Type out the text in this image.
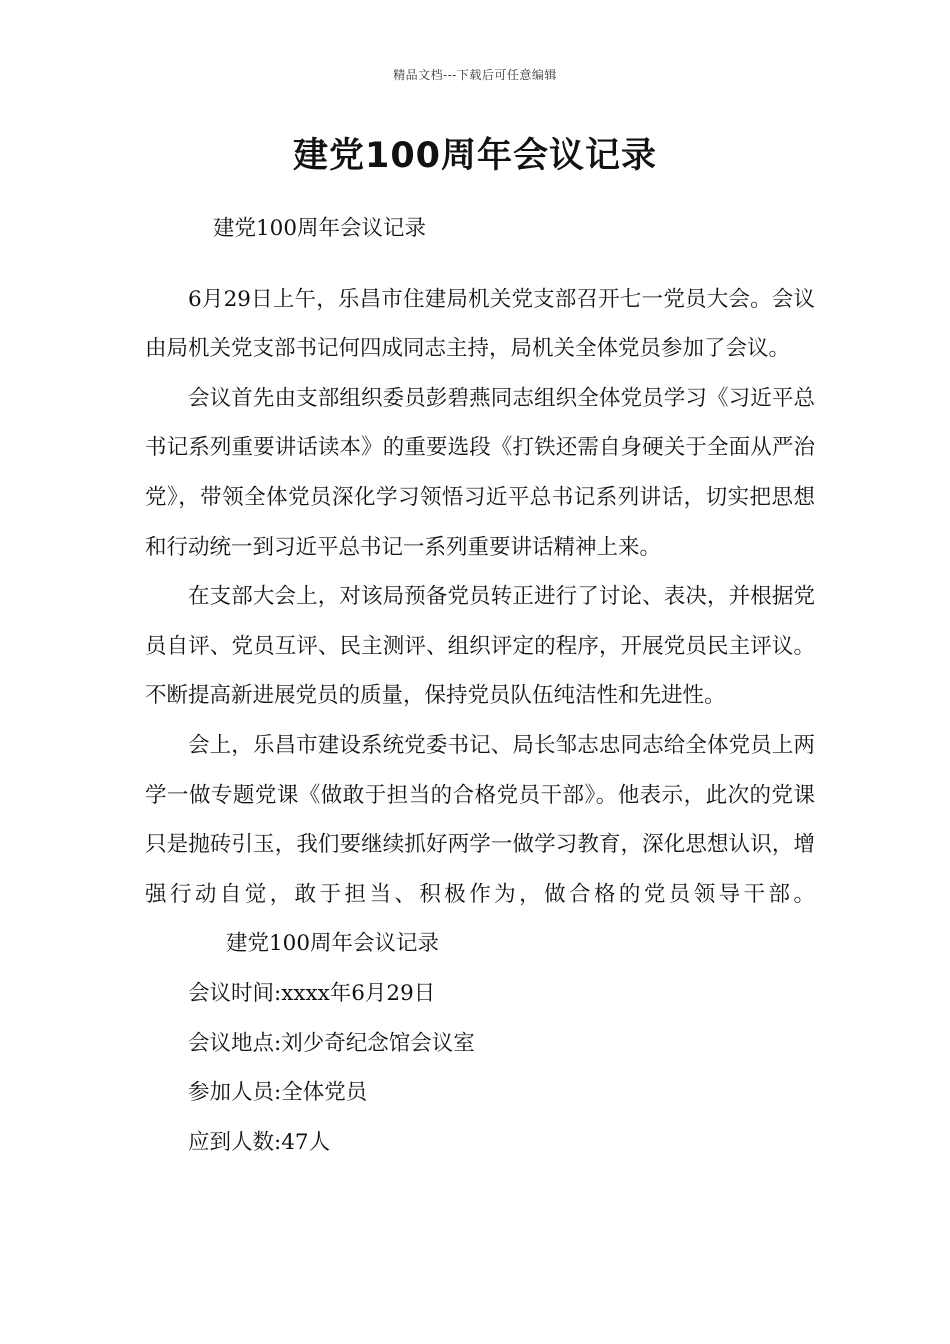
精品文档---下载后可任意编辑
建党100周年会议记录

建党100周年会议记录

6月29日上午，乐昌市住建局机关党支部召开七一党员大会。会议由局机关党支部书记何四成同志主持，局机关全体党员参加了会议。

会议首先由支部组织委员彭碧燕同志组织全体党员学习《习近平总书记系列重要讲话读本》的重要选段《打铁还需自身硬关于全面从严治党》，带领全体党员深化学习领悟习近平总书记系列讲话，切实把思想和行动统一到习近平总书记一系列重要讲话精神上来。

在支部大会上，对该局预备党员转正进行了讨论、表决，并根据党员自评、党员互评、民主测评、组织评定的程序，开展党员民主评议。不断提高新进展党员的质量，保持党员队伍纯洁性和先进性。

会上，乐昌市建设系统党委书记、局长邹志忠同志给全体党员上两学一做专题党课《做敢于担当的合格党员干部》。他表示，此次的党课只是抛砖引玉，我们要继续抓好两学一做学习教育，深化思想认识，增强行动自觉，敢于担当、积极作为，做合格的党员领导干部。建党100周年会议记录

会议时间:xxxx年6月29日

会议地点:刘少奇纪念馆会议室

参加人员:全体党员

应到人数:47人
